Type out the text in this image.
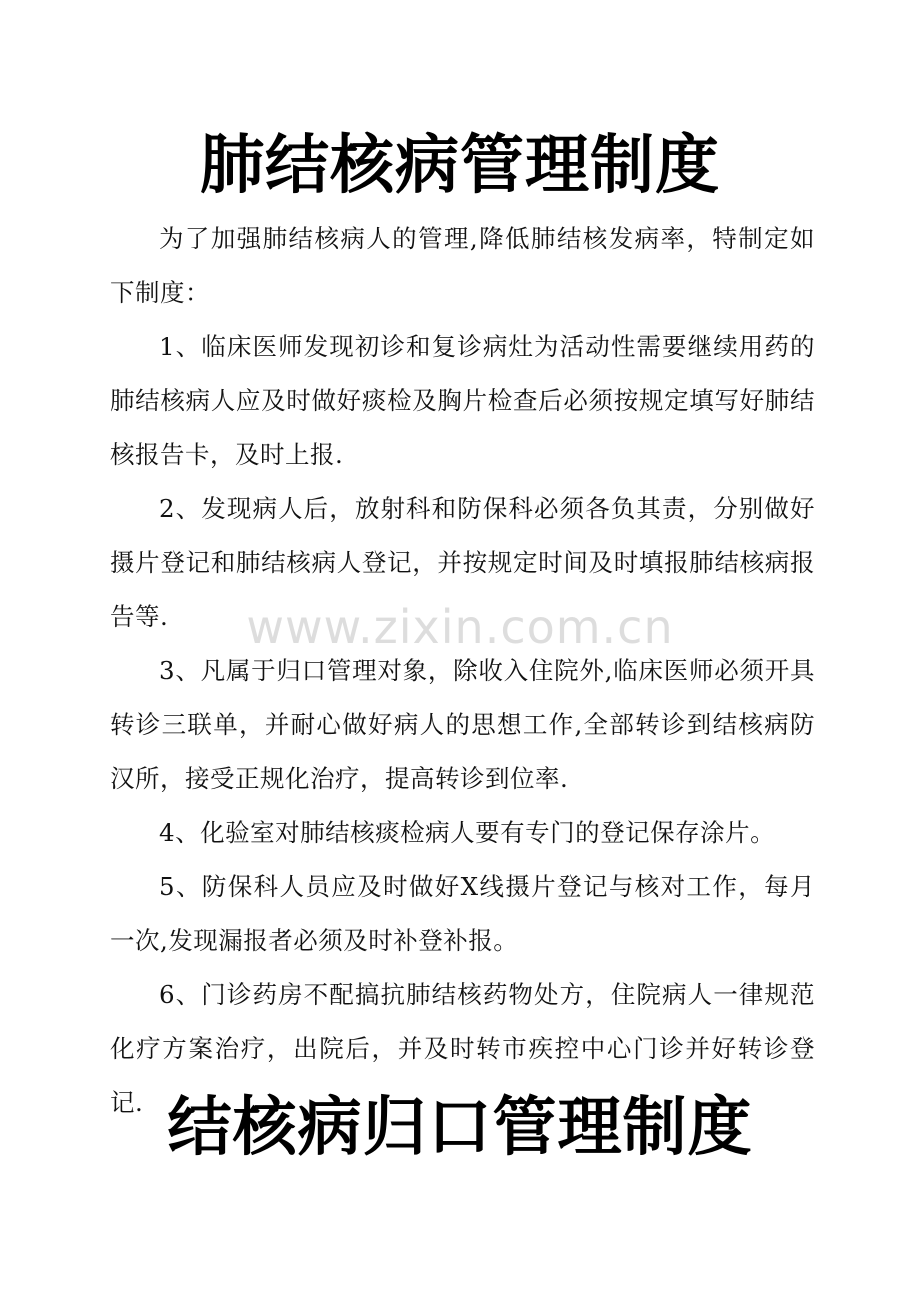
肺结核病管理制度

为了加强肺结核病人的管理,降低肺结核发病率，特制定如下制度：

1、临床医师发现初诊和复诊病灶为活动性需要继续用药的肺结核病人应及时做好痰检及胸片检查后必须按规定填写好肺结核报告卡，及时上报.

2、发现病人后，放射科和防保科必须各负其责，分别做好摄片登记和肺结核病人登记，并按规定时间及时填报肺结核病报告等.

3、凡属于归口管理对象，除收入住院外,临床医师必须开具转诊三联单，并耐心做好病人的思想工作,全部转诊到结核病防汉所，接受正规化治疗，提高转诊到位率.

4、化验室对肺结核痰检病人要有专门的登记保存涂片。

5、防保科人员应及时做好X线摄片登记与核对工作，每月一次,发现漏报者必须及时补登补报。

6、门诊药房不配搞抗肺结核药物处方，住院病人一律规范化疗方案治疗，出院后，并及时转市疾控中心门诊并好转诊登记.

www.zixin.com.cn
结核病归口管理制度
